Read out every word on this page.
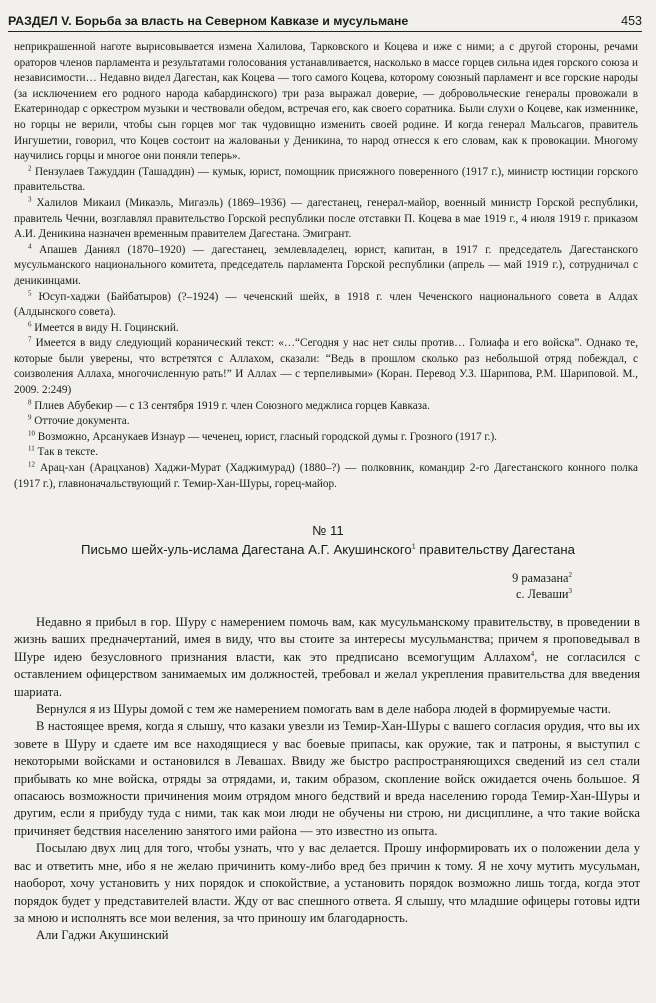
РАЗДЕЛ V. Борьба за власть на Северном Кавказе и мусульмане	453

неприкрашенной наготе вырисовывается измена Халилова, Тарковского и Коцева и иже с ними; а с другой стороны, речами ораторов членов парламента и результатами голосования устанавливается, насколько в массе горцев сильна идея горского союза и независимости… Недавно видел Дагестан, как Коцева — того самого Коцева, которому союзный парламент и все горские народы (за исключением его родного народа кабардинского) три раза выражал доверие, — добровольческие генералы провожали в Екатеринодар с оркестром музыки и чествовали обедом, встречая его, как своего соратника. Были слухи о Коцеве, как изменнике, но горцы не верили, чтобы сын горцев мог так чудовищно изменить своей родине. И когда генерал Мальсагов, правитель Ингушетии, говорил, что Коцев состоит на жалованьи у Деникина, то народ отнесся к его словам, как к провокации. Многому научились горцы и многое они поняли теперь».

$^2$ Пензулаев Тажуддин (Ташаддин) — кумык, юрист, помощник присяжного поверенного (1917 г.), министр юстиции горского правительства.

$^3$ Халилов Микаил (Микаэль, Мигаэль) (1869–1936) — дагестанец, генерал-майор, военный министр Горской республики, правитель Чечни, возглавлял правительство Горской республики после отставки П. Коцева в мае 1919 г., 4 июля 1919 г. приказом А.И. Деникина назначен временным правителем Дагестана. Эмигрант.

$^4$ Апашев Даниял (1870–1920) — дагестанец, землевладелец, юрист, капитан, в 1917 г. председатель Дагестанского мусульманского национального комитета, председатель парламента Горской республики (апрель — май 1919 г.), сотрудничал с деникинцами.

$^5$ Юсуп-хаджи (Байбатыров) (?–1924) — чеченский шейх, в 1918 г. член Чеченского национального совета в Алдах (Алдынского совета).

$^6$ Имеется в виду Н. Гоцинский.

$^7$ Имеется в виду следующий коранический текст: «…“Сегодня у нас нет силы против… Голиафа и его войска”. Однако те, которые были уверены, что встретятся с Аллахом, сказали: “Ведь в прошлом сколько раз небольшой отряд побеждал, с соизволения Аллаха, многочисленную рать!” И Аллах — с терпеливыми» (Коран. Перевод У.З. Шарипова, Р.М. Шариповой. М., 2009. 2:249)

$^8$ Плиев Абубекир — с 13 сентября 1919 г. член Союзного меджлиса горцев Кавказа.

$^9$ Отточие документа.

$^{10}$ Возможно, Арсанукаев Изнаур — чеченец, юрист, гласный городской думы г. Грозного (1917 г.).

$^{11}$ Так в тексте.

$^{12}$ Арац-хан (Арацханов) Хаджи-Мурат (Хаджимурад) (1880–?) — полковник, командир 2-го Дагестанского конного полка (1917 г.), главноначальствующий г. Темир-Хан-Шуры, горец-майор.

№ 11
Письмо шейх-уль-ислама Дагестана А.Г. Акушинского$^1$ правительству Дагестана
9 рамазана$^2$
с. Леваши$^3$

Недавно я прибыл в гор. Шуру с намерением помочь вам, как мусульманскому правительству, в проведении в жизнь ваших предначертаний, имея в виду, что вы стоите за интересы мусульманства; причем я проповедывал в Шуре идею безусловного признания власти, как это предписано всемогущим Аллахом$^4$, не согласился с оставлением офицерством занимаемых им должностей, требовал и желал укрепления правительства для введения шариата.

Вернулся я из Шуры домой с тем же намерением помогать вам в деле набора людей в формируемые части.

В настоящее время, когда я слышу, что казаки увезли из Темир-Хан-Шуры с вашего согласия орудия, что вы их зовете в Шуру и сдаете им все находящиеся у вас боевые припасы, как оружие, так и патроны, я выступил с некоторыми войсками и остановился в Левашах. Ввиду же быстро распространяющихся сведений из сел стали прибывать ко мне войска, отряды за отрядами, и, таким образом, скопление войск ожидается очень большое. Я опасаюсь возможности причинения моим отрядом много бедствий и вреда населению города Темир-Хан-Шуры и другим, если я прибуду туда с ними, так как мои люди не обучены ни строю, ни дисциплине, а что такие войска причиняет бедствия населению занятого ими района — это известно из опыта.

Посылаю двух лиц для того, чтобы узнать, что у вас делается. Прошу информировать их о положении дела у вас и ответить мне, ибо я не желаю причинить кому-либо вред без причин к тому. Я не хочу мутить мусульман, наоборот, хочу установить у них порядок и спокойствие, а установить порядок возможно лишь тогда, когда этот порядок будет у представителей власти. Жду от вас спешного ответа. Я слышу, что младшие офицеры готовы идти за мною и исполнять все мои веления, за что приношу им благодарность.

Али Гаджи Акушинский
